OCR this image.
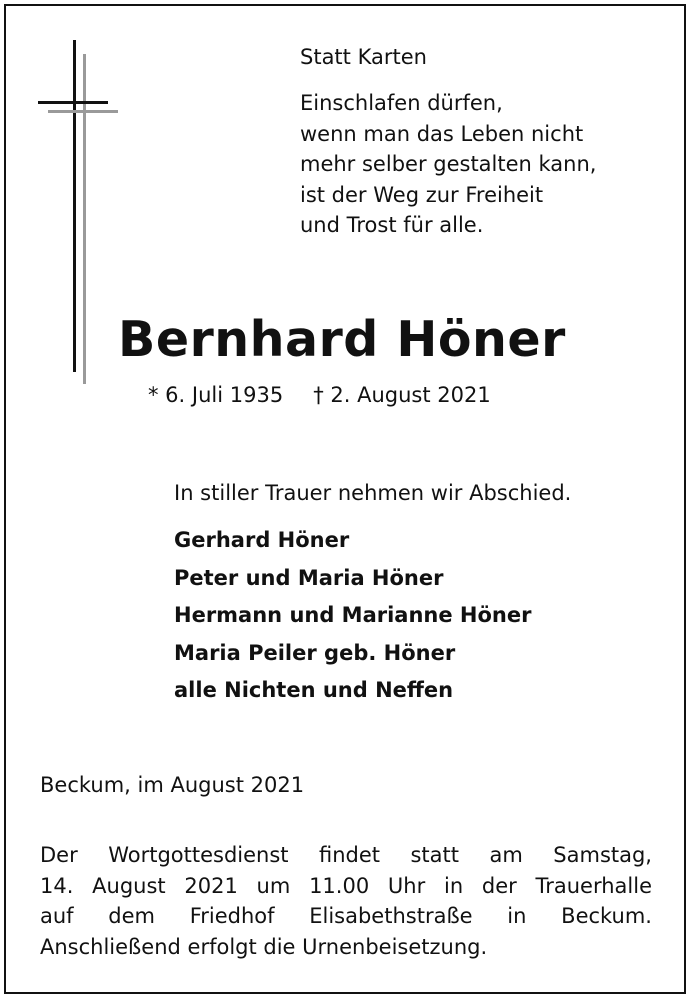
Statt Karten
Einschlafen dürfen,
wenn man das Leben nicht
mehr selber gestalten kann,
ist der Weg zur Freiheit
und Trost für alle.
Bernhard Höner
* 6. Juli 1935 † 2. August 2021
In stiller Trauer nehmen wir Abschied.
Gerhard Höner
Peter und Maria Höner
Hermann und Marianne Höner
Maria Peiler geb. Höner
alle Nichten und Neffen
Beckum, im August 2021
Der Wortgottesdienst findet statt am Samstag,
14. August 2021 um 11.00 Uhr in der Trauerhalle
auf dem Friedhof Elisabethstraße in Beckum.
Anschließend erfolgt die Urnenbeisetzung.
